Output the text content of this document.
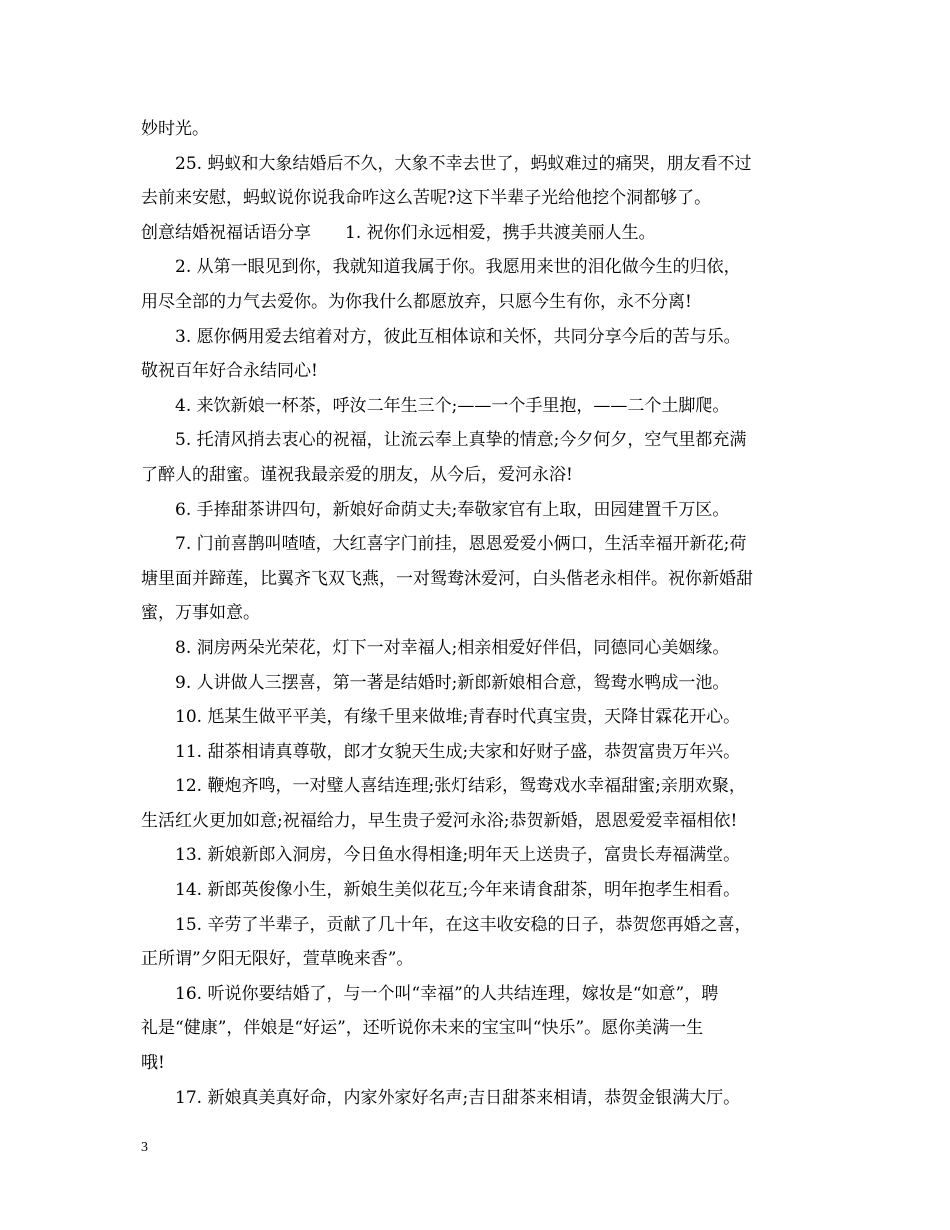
妙时光。
25. 蚂蚁和大象结婚后不久，大象不幸去世了，蚂蚁难过的痛哭，朋友看不过
去前来安慰，蚂蚁说你说我命咋这么苦呢?这下半辈子光给他挖个洞都够了。
创意结婚祝福话语分享　　1. 祝你们永远相爱，携手共渡美丽人生。
2. 从第一眼见到你，我就知道我属于你。我愿用来世的泪化做今生的归依，
用尽全部的力气去爱你。为你我什么都愿放弃，只愿今生有你，永不分离!
3. 愿你俩用爱去绾着对方，彼此互相体谅和关怀，共同分享今后的苦与乐。
敬祝百年好合永结同心!
4. 来饮新娘一杯茶，呼汝二年生三个;——一个手里抱，——二个土脚爬。
5. 托清风捎去衷心的祝福，让流云奉上真挚的情意;今夕何夕，空气里都充满
了醉人的甜蜜。谨祝我最亲爱的朋友，从今后，爱河永浴!
6. 手捧甜茶讲四句，新娘好命荫丈夫;奉敬家官有上取，田园建置千万区。
7. 门前喜鹊叫喳喳，大红喜字门前挂，恩恩爱爱小俩口，生活幸福开新花;荷
塘里面并蹄莲，比翼齐飞双飞燕，一对鸳鸯沐爱河，白头偕老永相伴。祝你新婚甜
蜜，万事如意。
8. 洞房两朵光荣花，灯下一对幸福人;相亲相爱好伴侣，同德同心美姻缘。
9. 人讲做人三摆喜，第一著是结婚时;新郎新娘相合意，鸳鸯水鸭成一池。
10. 尪某生做平平美，有缘千里来做堆;青春时代真宝贵，天降甘霖花开心。
11. 甜茶相请真尊敬，郎才女貌天生成;夫家和好财子盛，恭贺富贵万年兴。
12. 鞭炮齐鸣，一对璧人喜结连理;张灯结彩，鸳鸯戏水幸福甜蜜;亲朋欢聚，
生活红火更加如意;祝福给力，早生贵子爱河永浴;恭贺新婚，恩恩爱爱幸福相依!
13. 新娘新郎入洞房，今日鱼水得相逢;明年天上送贵子，富贵长寿福满堂。
14. 新郎英俊像小生，新娘生美似花互;今年来请食甜茶，明年抱孝生相看。
15. 辛劳了半辈子，贡献了几十年，在这丰收安稳的日子，恭贺您再婚之喜，
正所谓”夕阳无限好，萱草晚来香”。
16. 听说你要结婚了，与一个叫“幸福”的人共结连理，嫁妆是“如意”，聘
礼是“健康”，伴娘是“好运”，还听说你未来的宝宝叫“快乐”。愿你美满一生
哦!
17. 新娘真美真好命，内家外家好名声;吉日甜茶来相请，恭贺金银满大厅。
3
